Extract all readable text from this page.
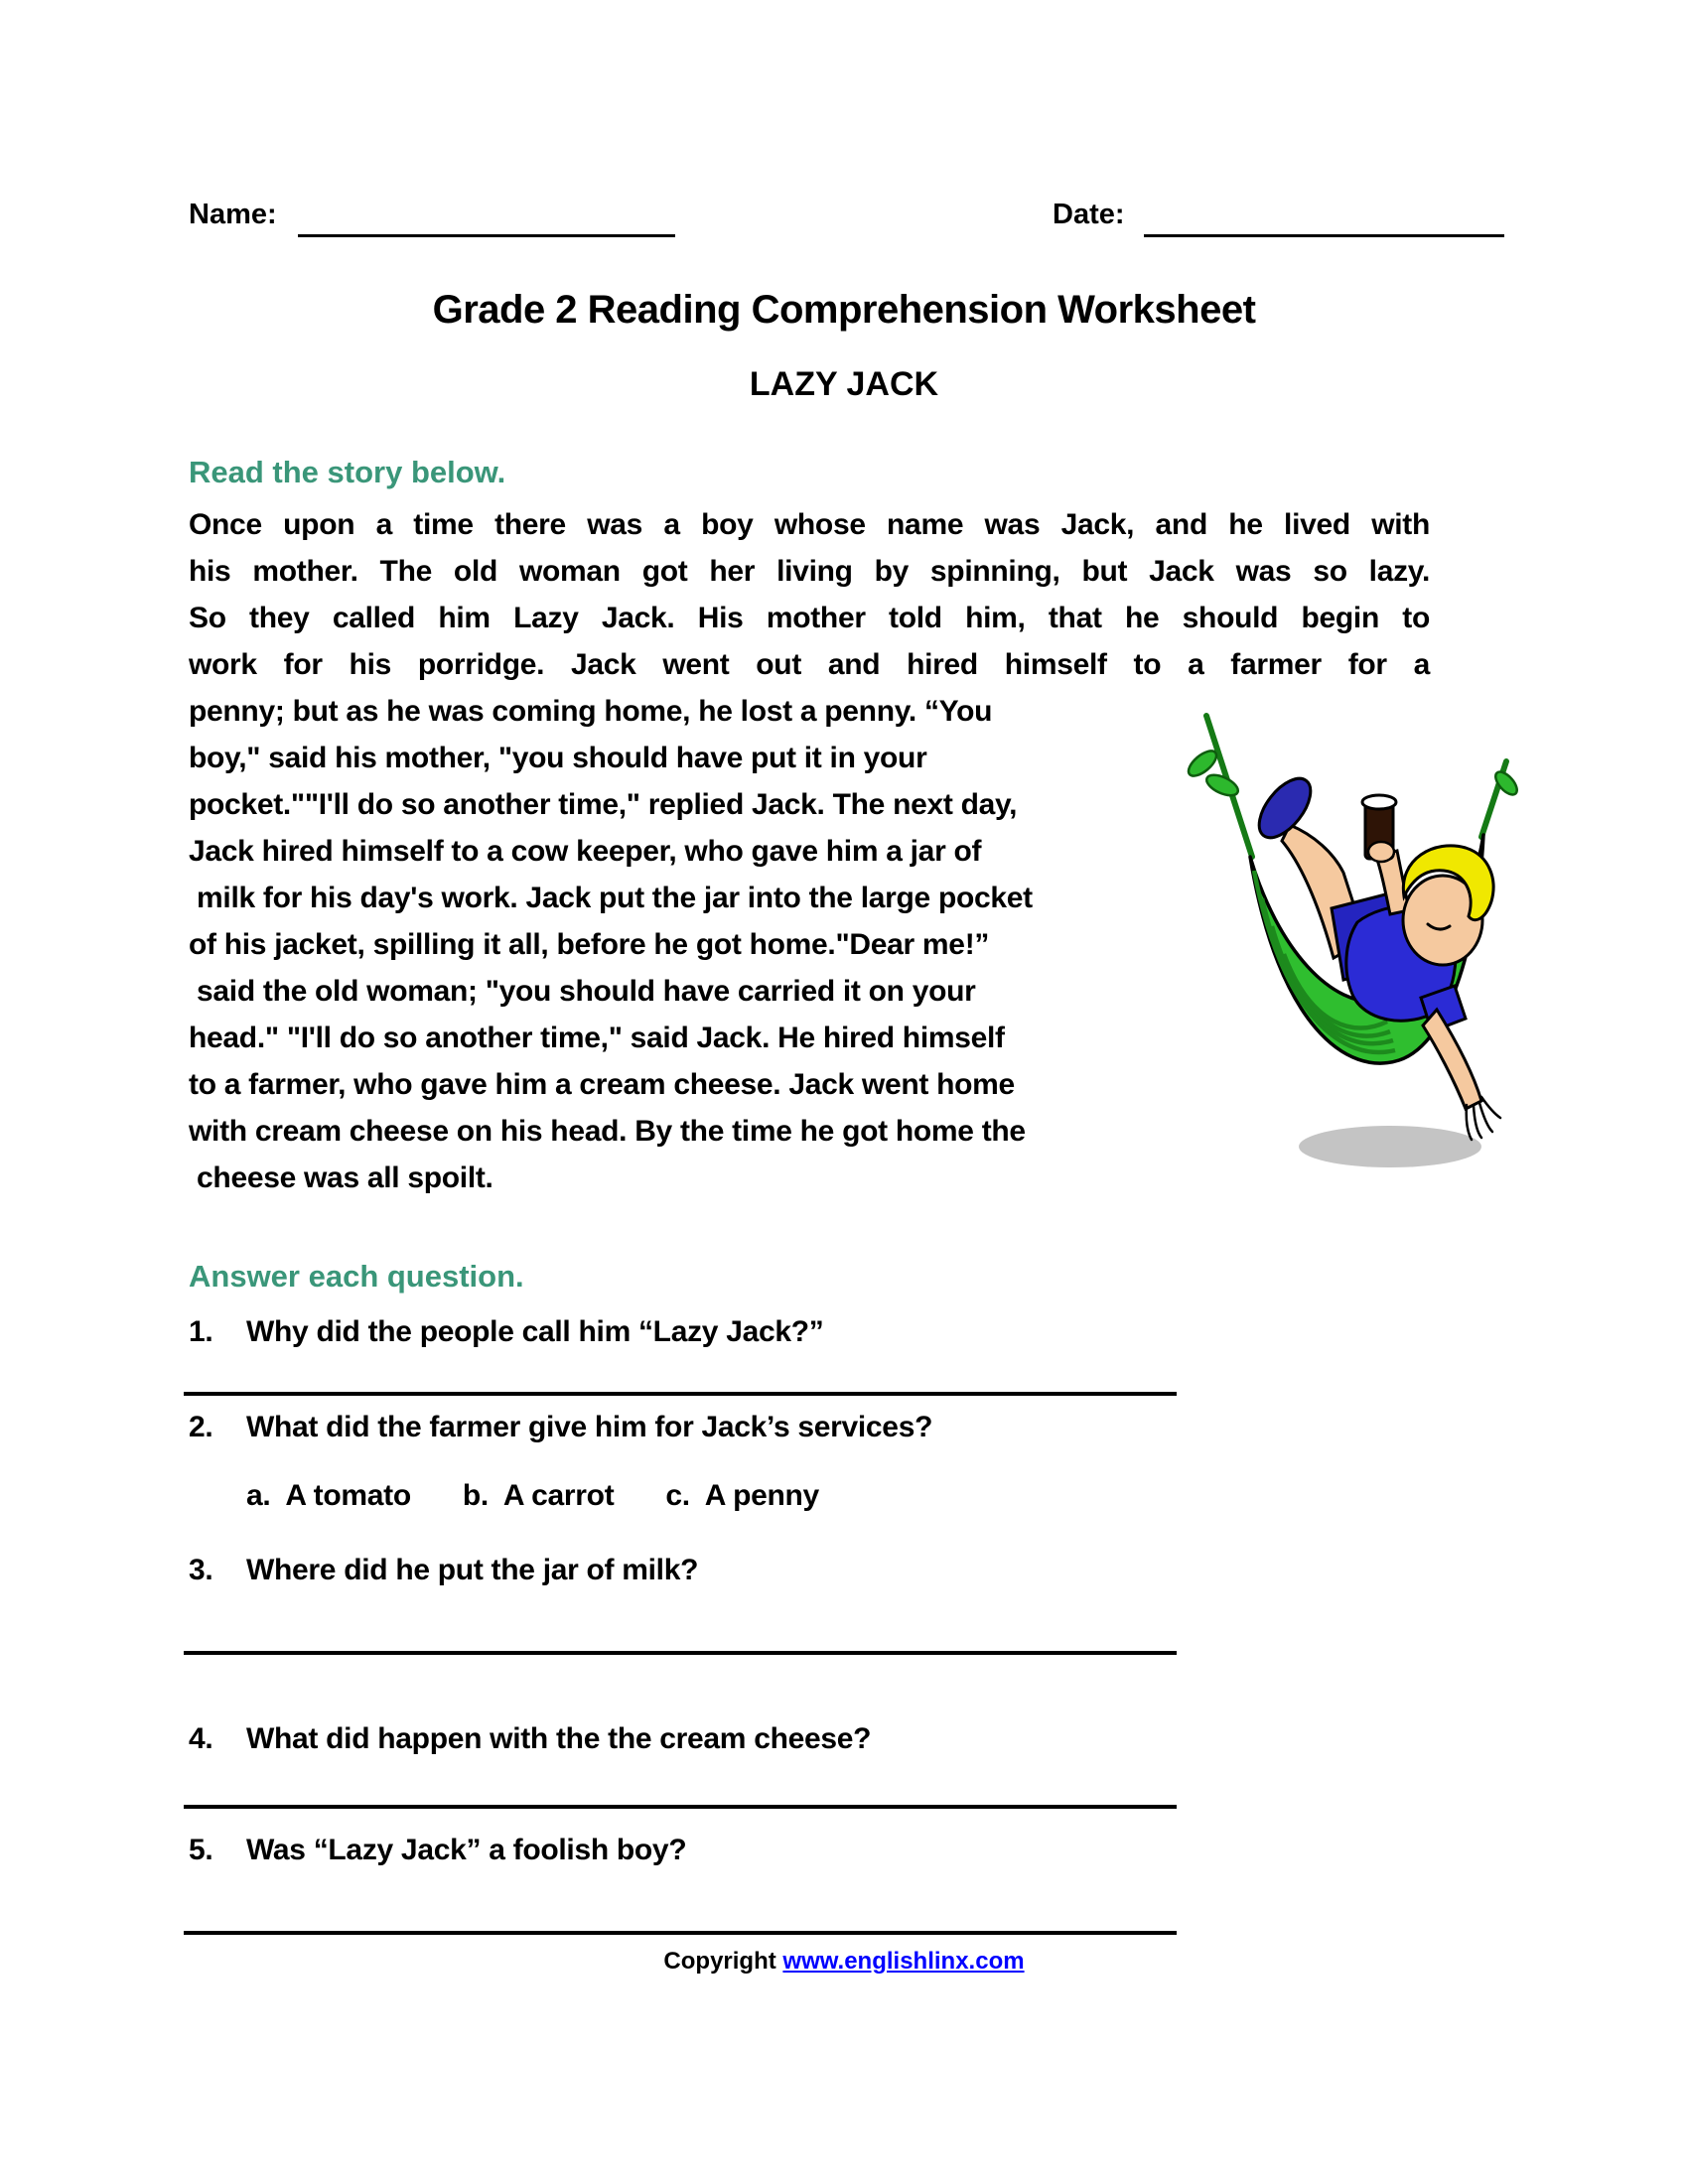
Name:	Date:
Grade 2 Reading Comprehension Worksheet
LAZY JACK
Read the story below.
Once upon a time there was a boy whose name was Jack, and he lived with
his mother. The old woman got her living by spinning, but Jack was so lazy.
So they called him Lazy Jack. His mother told him, that he should begin to
work for his porridge. Jack went out and hired himself to a farmer for a
penny; but as he was coming home, he lost a penny. “You
boy," said his mother, "you should have put it in your
pocket.""I'll do so another time," replied Jack. The next day,
Jack hired himself to a cow keeper, who gave him a jar of
milk for his day's work. Jack put the jar into the large pocket
of his jacket, spilling it all, before he got home."Dear me!”
said the old woman; "you should have carried it on your
head." "I'll do so another time," said Jack. He hired himself
to a farmer, who gave him a cream cheese. Jack went home
with cream cheese on his head. By the time he got home the
cheese was all spoilt.
Answer each question.
1.	Why did the people call him “Lazy Jack?”
2.	What did the farmer give him for Jack’s services?
a.  A tomato b.  A carrot c.  A penny
3.	Where did he put the jar of milk?
4.	What did happen with the the cream cheese?
5.	Was “Lazy Jack” a foolish boy?
Copyright www.englishlinx.com
